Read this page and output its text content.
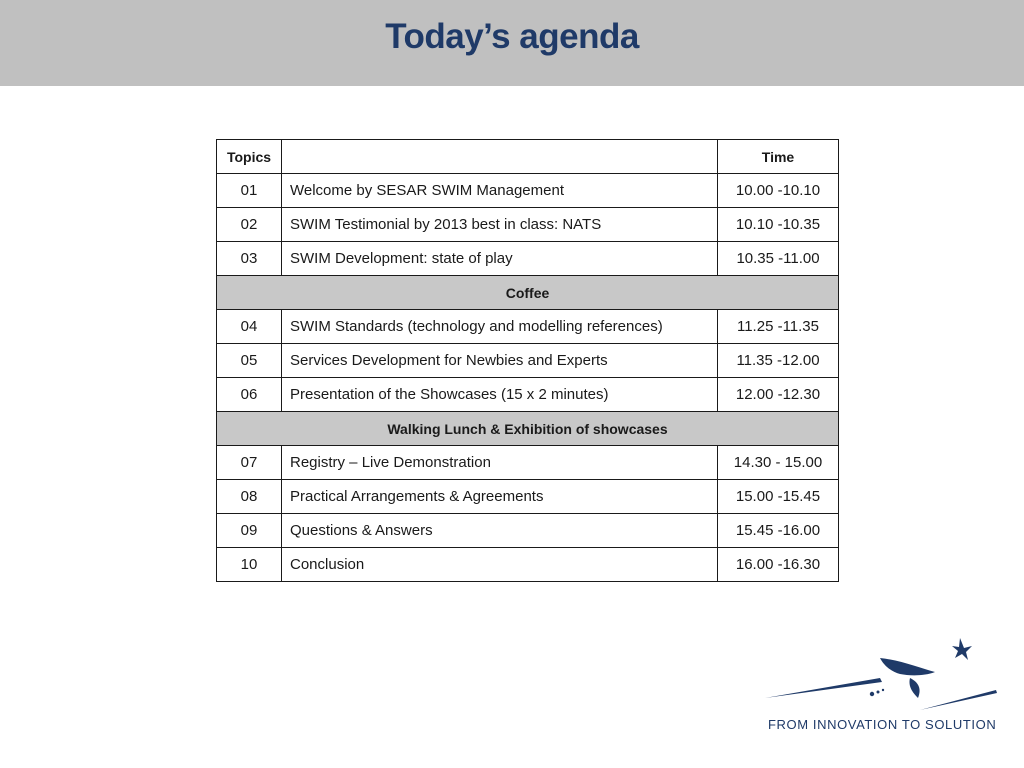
Today’s agenda
Topics		Time
01	Welcome by SESAR SWIM Management	10.00 -10.10
02	SWIM Testimonial by 2013 best in class: NATS	10.10 -10.35
03	SWIM Development: state of play	10.35 -11.00
Coffee		
04	SWIM Standards (technology and modelling references)	11.25 -11.35
05	Services Development for Newbies and Experts	11.35 -12.00
06	Presentation of the Showcases (15 x 2 minutes)	12.00 -12.30
Walking Lunch & Exhibition of showcases		
07	Registry – Live Demonstration	14.30 - 15.00
08	Practical Arrangements & Agreements	15.00 -15.45
09	Questions & Answers	15.45 -16.00
10	Conclusion	16.00 -16.30
FROM INNOVATION TO SOLUTION
